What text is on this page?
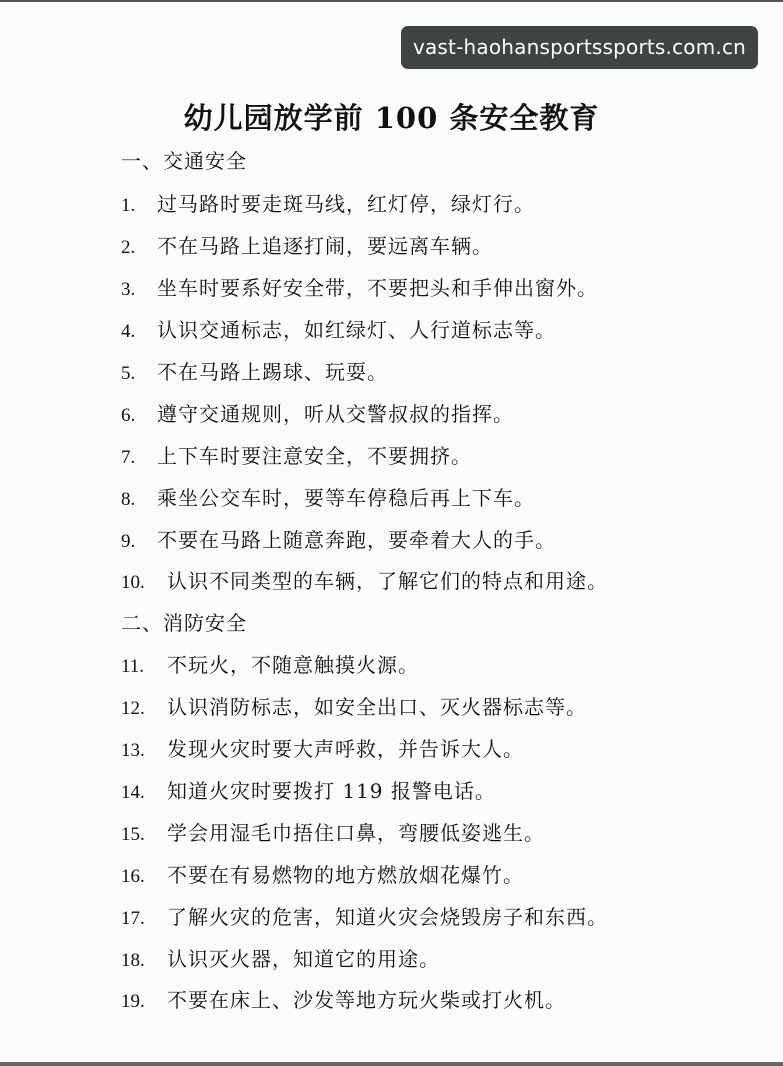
vast-haohansportssports.com.cn
幼儿园放学前 100 条安全教育
一、交通安全
1. 过马路时要走斑马线，红灯停，绿灯行。
2. 不在马路上追逐打闹，要远离车辆。
3. 坐车时要系好安全带，不要把头和手伸出窗外。
4. 认识交通标志，如红绿灯、人行道标志等。
5. 不在马路上踢球、玩耍。
6. 遵守交通规则，听从交警叔叔的指挥。
7. 上下车时要注意安全，不要拥挤。
8. 乘坐公交车时，要等车停稳后再上下车。
9. 不要在马路上随意奔跑，要牵着大人的手。
10. 认识不同类型的车辆，了解它们的特点和用途。
二、消防安全
11. 不玩火，不随意触摸火源。
12. 认识消防标志，如安全出口、灭火器标志等。
13. 发现火灾时要大声呼救，并告诉大人。
14. 知道火灾时要拨打 119 报警电话。
15. 学会用湿毛巾捂住口鼻，弯腰低姿逃生。
16. 不要在有易燃物的地方燃放烟花爆竹。
17. 了解火灾的危害，知道火灾会烧毁房子和东西。
18. 认识灭火器，知道它的用途。
19. 不要在床上、沙发等地方玩火柴或打火机。
